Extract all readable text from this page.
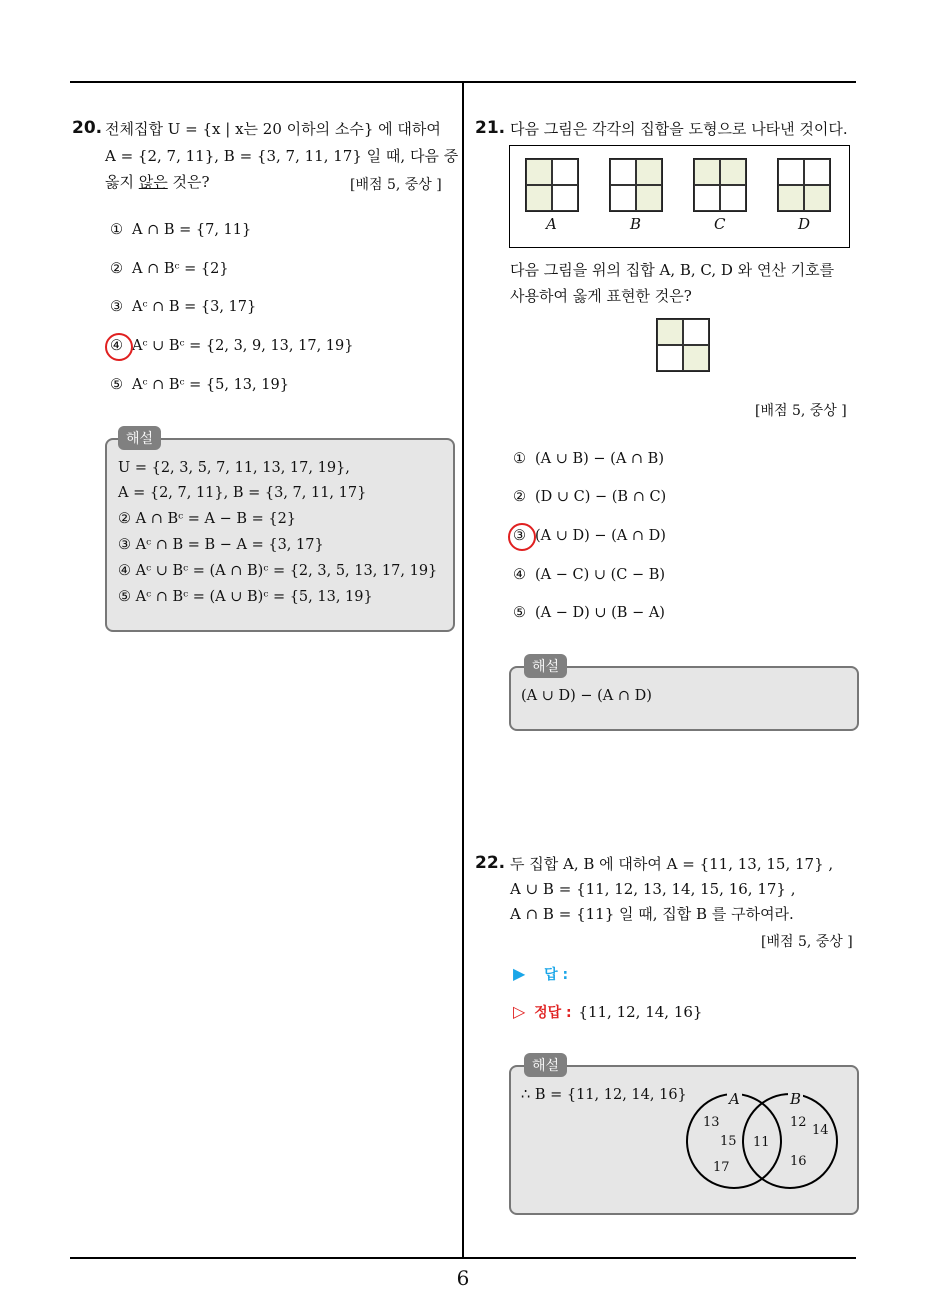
20. 전체집합 U = {x | x는 20 이하의 소수} 에 대하여
A = {2, 7, 11}, B = {3, 7, 11, 17} 일 때, 다음 중
옳지 않은 것은?	[배점 5, 중상 ]
① A ∩ B = {7, 11}
② A ∩ Bᶜ = {2}
③ Aᶜ ∩ B = {3, 17}
④ Aᶜ ∪ Bᶜ = {2, 3, 9, 13, 17, 19}
⑤ Aᶜ ∩ Bᶜ = {5, 13, 19}
해설
U = {2, 3, 5, 7, 11, 13, 17, 19},
A = {2, 7, 11}, B = {3, 7, 11, 17}
② A ∩ Bᶜ = A − B = {2}
③ Aᶜ ∩ B = B − A = {3, 17}
④ Aᶜ ∪ Bᶜ = (A ∩ B)ᶜ = {2, 3, 5, 13, 17, 19}
⑤ Aᶜ ∩ Bᶜ = (A ∪ B)ᶜ = {5, 13, 19}
21. 다음 그림은 각각의 집합을 도형으로 나타낸 것이다.
A	B	C	D
다음 그림을 위의 집합 A, B, C, D 와 연산 기호를
사용하여 옳게 표현한 것은?
[배점 5, 중상 ]
① (A ∪ B) − (A ∩ B)
② (D ∪ C) − (B ∩ C)
③ (A ∪ D) − (A ∩ D)
④ (A − C) ∪ (C − B)
⑤ (A − D) ∪ (B − A)
해설
(A ∪ D) − (A ∩ D)
22. 두 집합 A, B 에 대하여 A = {11, 13, 15, 17} ,
A ∪ B = {11, 12, 13, 14, 15, 16, 17} ,
A ∩ B = {11} 일 때, 집합 B 를 구하여라.
[배점 5, 중상 ]
▶ 답 :
▷ 정답 : {11, 12, 14, 16}
해설
∴ B = {11, 12, 14, 16}	A	B
13
15
17
11
12
14
16
6
